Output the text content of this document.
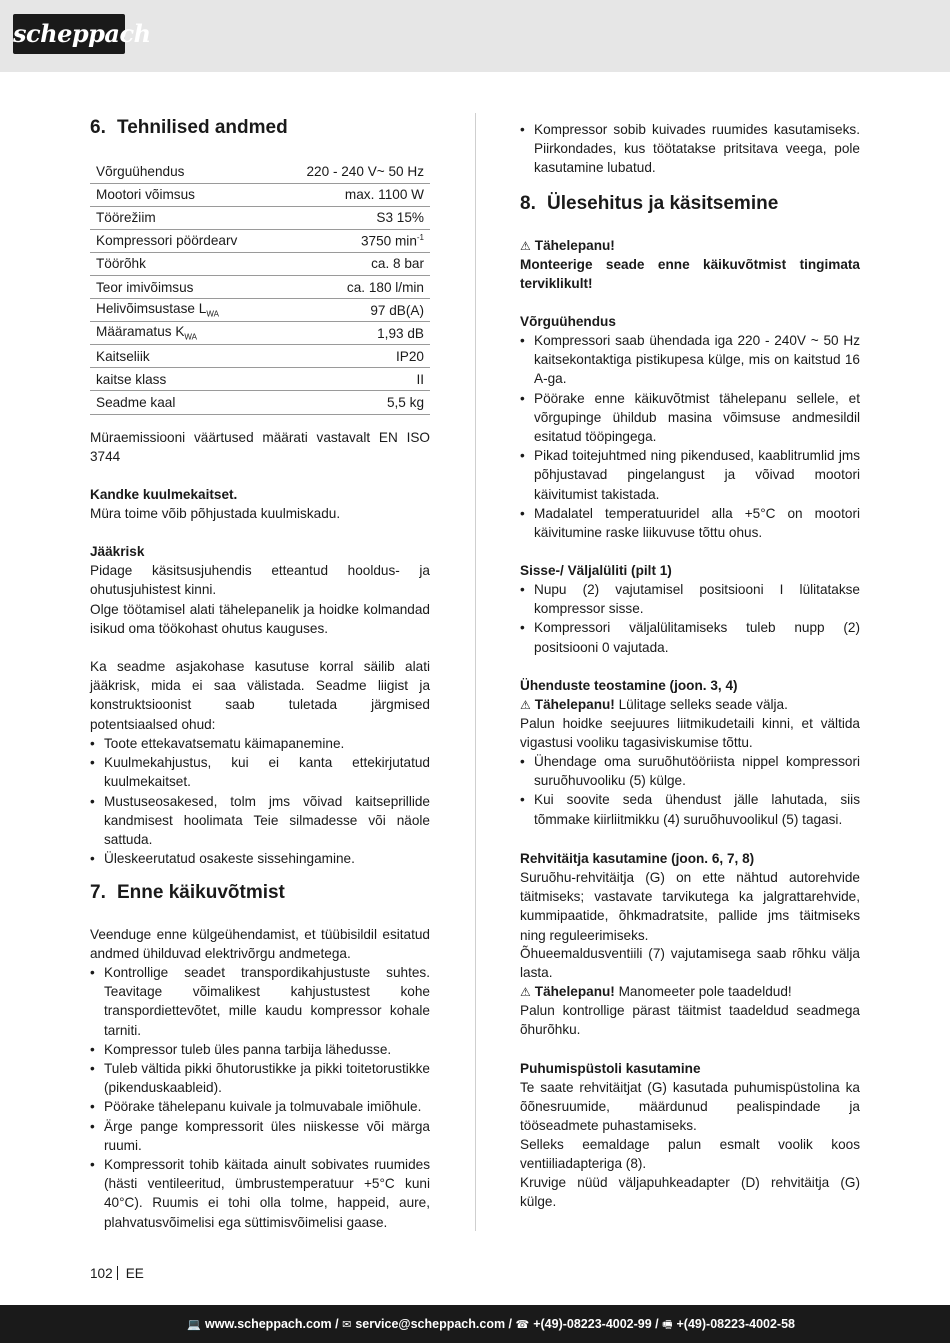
scheppach
6. Tehnilised andmed
Võrguühendus	220 - 240 V~ 50 Hz
Mootori võimsus	max. 1100 W
Töörežiim	S3 15%
Kompressori pöördearv	3750 $\min^{-1}$
Töörõhk	ca. 8 bar
Teor imivõimsus	ca. 180 l/min
Helivõimsustase $L_{WA}$	97 dB(A)
Määramatus $K_{WA}$	1,93 dB
Kaitseliik	IP20
kaitse klass	II
Seadme kaal	5,5 kg

Müraemissiooni väärtused määrati vastavalt EN ISO 3744

Kandke kuulmekaitset.

Müra toime võib põhjustada kuulmiskadu.

Jääkrisk

Pidage käsitsusjuhendis etteantud hooldus- ja ohutusjuhistest kinni.

Olge töötamisel alati tähelepanelik ja hoidke kolmandad isikud oma töökohast ohutus kauguses.

Ka seadme asjakohase kasutuse korral säilib alati jääkrisk, mida ei saa välistada. Seadme liigist ja konstruktsioonist saab tuletada järgmised potentsiaalsed ohud:

• Toote ettekavatsematu käimapanemine.
• Kuulmekahjustus, kui ei kanta ettekirjutatud kuulmekaitset.
• Mustuseosakesed, tolm jms võivad kaitseprillide kandmisest hoolimata Teie silmadesse või näole sattuda.
• Üleskeerutatud osakeste sissehingamine.

Veenduge enne külgeühendamist, et tüübisildil esitatud andmed ühilduvad elektrivõrgu andmetega.

• Kontrollige seadet transpordikahjustuste suhtes. Teavitage võimalikest kahjustustest kohe transpordiettevõtet, mille kaudu kompressor kohale tarniti.
• Kompressor tuleb üles panna tarbija lähedusse.
• Tuleb vältida pikki õhutorustikke ja pikki toitetorustikke (pikenduskaableid).
• Pöörake tähelepanu kuivale ja tolmuvabale imiõhule.
• Ärge pange kompressorit üles niiskesse või märga ruumi.
• Kompressorit tohib käitada ainult sobivates ruumides (hästi ventileeritud, ümbrustemperatuur +5°C kuni 40°C). Ruumis ei tohi olla tolme, happeid, aure, plahvatusvõimelisi ega süttimisvõimelisi gaase.
7. Enne käikuvõtmist
• Kompressor sobib kuivades ruumides kasutamiseks. Piirkondades, kus töötatakse pritsitava veega, pole kasutamine lubatud.

⚠ Tähelepanu!

Monteerige seade enne käikuvõtmist tingimata terviklikult!

Võrguühendus

• Kompressori saab ühendada iga 220 - 240V ~ 50 Hz kaitsekontaktiga pistikupesa külge, mis on kaitstud 16 A-ga.
• Pöörake enne käikuvõtmist tähelepanu sellele, et võrgupinge ühildub masina võimsuse andmesildil esitatud tööpingega.
• Pikad toitejuhtmed ning pikendused, kaablitrumlid jms põhjustavad pingelangust ja võivad mootori käivitumist takistada.
• Madalatel temperatuuridel alla +5°C on mootori käivitumine raske liikuvuse tõttu ohus.

Sisse-/ Väljalüliti (pilt 1)

• Nupu (2) vajutamisel positsiooni I lülitatakse kompressor sisse.
• Kompressori väljalülitamiseks tuleb nupp (2) positsiooni 0 vajutada.

Ühenduste teostamine (joon. 3, 4)

⚠ Tähelepanu! Lülitage selleks seade välja.

Palun hoidke seejuures liitmikudetaili kinni, et vältida vigastusi vooliku tagasiviskumise tõttu.

• Ühendage oma suruõhutööriista nippel kompressori suruõhuvooliku (5) külge.
• Kui soovite seda ühendust jälle lahutada, siis tõmmake kiirliitmikku (4) suruõhuvoolikul (5) tagasi.

Rehvitäitja kasutamine (joon. 6, 7, 8)

Suruõhu-rehvitäitja (G) on ette nähtud autorehvide täitmiseks; vastavate tarvikutega ka jalgrattarehvide, kummipaatide, õhkmadratsite, pallide jms täitmiseks ning reguleerimiseks.

Õhueemaldusventiili (7) vajutamisega saab rõhku välja lasta.

⚠ Tähelepanu! Manomeeter pole taadeldud!

Palun kontrollige pärast täitmist taadeldud seadmega õhurõhku.

Puhumispüstoli kasutamine

Te saate rehvitäitjat (G) kasutada puhumispüstolina ka õõnesruumide, määrdunud pealispindade ja tööseadmete puhastamiseks.

Selleks eemaldage palun esmalt voolik koos ventiiliadapteriga (8).

Kruvige nüüd väljapuhkeadapter (D) rehvitäitja (G) külge.

8. Ülesehitus ja käsitsemine
102 EE
💻 www.scheppach.com / ✉ service@scheppach.com / ☎ +(49)-08223-4002-99 / 🖷 +(49)-08223-4002-58
